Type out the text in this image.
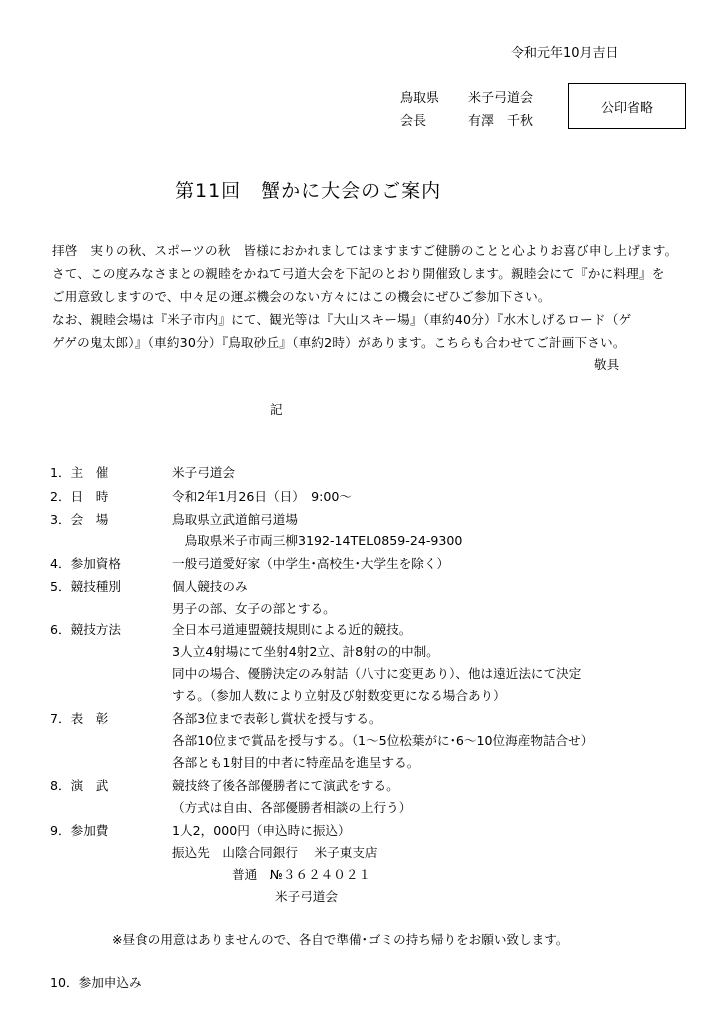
令和元年10月吉日
鳥取県 米子弓道会
会長	有澤　千秋
公印省略
第11回　蟹かに大会のご案内
拝啓　実りの秋、スポーツの秋　皆様におかれましてはますますご健勝のことと心よりお喜び申し上げます。
さて、この度みなさまとの親睦をかねて弓道大会を下記のとおり開催致します。親睦会にて『かに料理』を
ご用意致しますので、中々足の運ぶ機会のない方々にはこの機会にぜひご参加下さい。
なお、親睦会場は『米子市内』にて、観光等は『大山スキー場』（車約40分）『水木しげるロード（ゲ
ゲゲの鬼太郎）』（車約30分）『鳥取砂丘』（車約2時）があります。こちらも合わせてご計画下さい。
敬具
記
1．主　催	米子弓道会
2．日　時	令和2年1月26日（日）　9:00～
3．会　場	鳥取県立武道館弓道場
　鳥取県米子市両三柳3192-14TEL0859-24-9300
4．参加資格	一般弓道愛好家（中学生･高校生･大学生を除く）
5．競技種別	個人競技のみ
男子の部、女子の部とする。
6．競技方法	全日本弓道連盟競技規則による近的競技。
3人立4射場にて坐射4射2立、計8射の的中制。
同中の場合、優勝決定のみ射詰（八寸に変更あり）、他は遠近法にて決定
する。（参加人数により立射及び射数変更になる場合あり）
7．表　彰	各部3位まで表彰し賞状を授与する。
各部10位まで賞品を授与する。（1～5位松葉がに･6～10位海産物詰合せ）
各部とも1射目的中者に特産品を進呈する。
8．演　武	競技終了後各部優勝者にて演武をする。
（方式は自由、各部優勝者相談の上行う）
9．参加費	1人2，000円（申込時に振込）
振込先　山陰合同銀行　 米子東支店
普通　№３６２４０２１
米子弓道会
※昼食の用意はありませんので、各自で準備･ゴミの持ち帰りをお願い致します。
10．参加申込み
